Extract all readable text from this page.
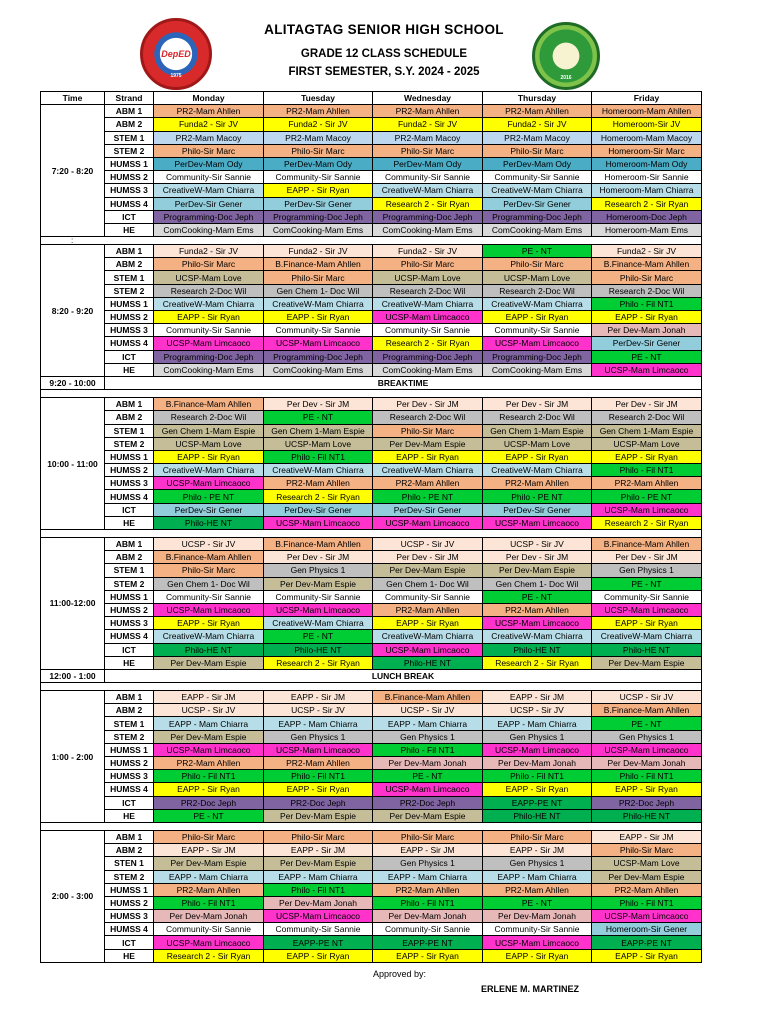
DepED
1975
ALITAGTAG SENIOR HIGH SCHOOL
GRADE 12 CLASS SCHEDULE
FIRST SEMESTER, S.Y. 2024 - 2025	2016
Time	Strand	Monday	Tuesday	Wednesday	Thursday	Friday
7:20 - 8:20	ABM 1	PR2-Mam Ahllen	PR2-Mam Ahllen	PR2-Mam Ahllen	PR2-Mam Ahllen	Homeroom-Mam Ahllen
	ABM 2	Funda2 - Sir JV	Funda2 - Sir JV	Funda2 - Sir JV	Funda2 - Sir JV	Homeroom-Sir JV
	STEM 1	PR2-Mam Macoy	PR2-Mam Macoy	PR2-Mam Macoy	PR2-Mam Macoy	Homeroom-Mam Macoy
	STEM 2	Philo-Sir Marc	Philo-Sir Marc	Philo-Sir Marc	Philo-Sir Marc	Homeroom-Sir Marc
	HUMSS 1	PerDev-Mam Ody	PerDev-Mam Ody	PerDev-Mam Ody	PerDev-Mam Ody	Homeroom-Mam Ody
	HUMSS 2	Community-Sir Sannie	Community-Sir Sannie	Community-Sir Sannie	Community-Sir Sannie	Homeroom-Sir Sannie
	HUMSS 3	CreativeW-Mam Chiarra	EAPP - Sir Ryan	CreativeW-Mam Chiarra	CreativeW-Mam Chiarra	Homeroom-Mam Chiarra
	HUMSS 4	PerDev-Sir Gener	PerDev-Sir Gener	Research 2 - Sir Ryan	PerDev-Sir Gener	Research 2 - Sir Ryan
	ICT	Programming-Doc Jeph	Programming-Doc Jeph	Programming-Doc Jeph	Programming-Doc Jeph	Homeroom-Doc Jeph
	HE	ComCooking-Mam Ems	ComCooking-Mam Ems	ComCooking-Mam Ems	ComCooking-Mam Ems	Homeroom-Mam Ems
:						
8:20 - 9:20	ABM 1	Funda2 - Sir JV	Funda2 - Sir JV	Funda2 - Sir JV	PE - NT	Funda2 - Sir JV
	ABM 2	Philo-Sir Marc	B.Finance-Mam Ahllen	Philo-Sir Marc	Philo-Sir Marc	B.Finance-Mam Ahllen
	STEM 1	UCSP-Mam Love	Philo-Sir Marc	UCSP-Mam Love	UCSP-Mam Love	Philo-Sir Marc
	STEM 2	Research 2-Doc Wil	Gen Chem 1- Doc Wil	Research 2-Doc Wil	Research 2-Doc Wil	Research 2-Doc Wil
	HUMSS 1	CreativeW-Mam Chiarra	CreativeW-Mam Chiarra	CreativeW-Mam Chiarra	CreativeW-Mam Chiarra	Philo - Fil NT1
	HUMSS 2	EAPP - Sir Ryan	EAPP - Sir Ryan	UCSP-Mam Limcaoco	EAPP - Sir Ryan	EAPP - Sir Ryan
	HUMSS 3	Community-Sir Sannie	Community-Sir Sannie	Community-Sir Sannie	Community-Sir Sannie	Per Dev-Mam Jonah
	HUMSS 4	UCSP-Mam Limcaoco	UCSP-Mam Limcaoco	Research 2 - Sir Ryan	UCSP-Mam Limcaoco	PerDev-Sir Gener
	ICT	Programming-Doc Jeph	Programming-Doc Jeph	Programming-Doc Jeph	Programming-Doc Jeph	PE - NT
	HE	ComCooking-Mam Ems	ComCooking-Mam Ems	ComCooking-Mam Ems	ComCooking-Mam Ems	UCSP-Mam Limcaoco
9:20 - 10:00	BREAKTIME					

10:00 - 11:00	ABM 1	B.Finance-Mam Ahllen	Per Dev - Sir JM	Per Dev - Sir JM	Per Dev - Sir JM	Per Dev - Sir JM
	ABM 2	Research 2-Doc Wil	PE - NT	Research 2-Doc Wil	Research 2-Doc Wil	Research 2-Doc Wil
	STEM 1	Gen Chem 1-Mam Espie	Gen Chem 1-Mam Espie	Philo-Sir Marc	Gen Chem 1-Mam Espie	Gen Chem 1-Mam Espie
	STEM 2	UCSP-Mam Love	UCSP-Mam Love	Per Dev-Mam Espie	UCSP-Mam Love	UCSP-Mam Love
	HUMSS 1	EAPP - Sir Ryan	Philo - Fil NT1	EAPP - Sir Ryan	EAPP - Sir Ryan	EAPP - Sir Ryan
	HUMSS 2	CreativeW-Mam Chiarra	CreativeW-Mam Chiarra	CreativeW-Mam Chiarra	CreativeW-Mam Chiarra	Philo - Fil NT1
	HUMSS 3	UCSP-Mam Limcaoco	PR2-Mam Ahllen	PR2-Mam Ahllen	PR2-Mam Ahllen	PR2-Mam Ahllen
	HUMSS 4	Philo - PE NT	Research 2 - Sir Ryan	Philo - PE NT	Philo - PE NT	Philo - PE NT
	ICT	PerDev-Sir Gener	PerDev-Sir Gener	PerDev-Sir Gener	PerDev-Sir Gener	UCSP-Mam Limcaoco
	HE	Philo-HE NT	UCSP-Mam Limcaoco	UCSP-Mam Limcaoco	UCSP-Mam Limcaoco	Research 2 - Sir Ryan

11:00-12:00	ABM 1	UCSP - Sir JV	B.Finance-Mam Ahllen	UCSP - Sir JV	UCSP - Sir JV	B.Finance-Mam Ahllen
	ABM 2	B.Finance-Mam Ahllen	Per Dev - Sir JM	Per Dev - Sir JM	Per Dev - Sir JM	Per Dev - Sir JM
	STEM 1	Philo-Sir Marc	Gen Physics 1	Per Dev-Mam Espie	Per Dev-Mam Espie	Gen Physics 1
	STEM 2	Gen Chem 1- Doc Wil	Per Dev-Mam Espie	Gen Chem 1- Doc Wil	Gen Chem 1- Doc Wil	PE - NT
	HUMSS 1	Community-Sir Sannie	Community-Sir Sannie	Community-Sir Sannie	PE - NT	Community-Sir Sannie
	HUMSS 2	UCSP-Mam Limcaoco	UCSP-Mam Limcaoco	PR2-Mam Ahllen	PR2-Mam Ahllen	UCSP-Mam Limcaoco
	HUMSS 3	EAPP - Sir Ryan	CreativeW-Mam Chiarra	EAPP - Sir Ryan	UCSP-Mam Limcaoco	EAPP - Sir Ryan
	HUMSS 4	CreativeW-Mam Chiarra	PE - NT	CreativeW-Mam Chiarra	CreativeW-Mam Chiarra	CreativeW-Mam Chiarra
	ICT	Philo-HE NT	Philo-HE NT	UCSP-Mam Limcaoco	Philo-HE NT	Philo-HE NT
	HE	Per Dev-Mam Espie	Research 2 - Sir Ryan	Philo-HE NT	Research 2 - Sir Ryan	Per Dev-Mam Espie
12:00 - 1:00	LUNCH BREAK					

1:00 - 2:00	ABM 1	EAPP - Sir JM	EAPP - Sir JM	B.Finance-Mam Ahllen	EAPP - Sir JM	UCSP - Sir JV
	ABM 2	UCSP - Sir JV	UCSP - Sir JV	UCSP - Sir JV	UCSP - Sir JV	B.Finance-Mam Ahllen
	STEM 1	EAPP - Mam Chiarra	EAPP - Mam Chiarra	EAPP - Mam Chiarra	EAPP - Mam Chiarra	PE - NT
	STEM 2	Per Dev-Mam Espie	Gen Physics 1	Gen Physics 1	Gen Physics 1	Gen Physics 1
	HUMSS 1	UCSP-Mam Limcaoco	UCSP-Mam Limcaoco	Philo - Fil NT1	UCSP-Mam Limcaoco	UCSP-Mam Limcaoco
	HUMSS 2	PR2-Mam Ahllen	PR2-Mam Ahllen	Per Dev-Mam Jonah	Per Dev-Mam Jonah	Per Dev-Mam Jonah
	HUMSS 3	Philo - Fil NT1	Philo - Fil NT1	PE - NT	Philo - Fil NT1	Philo - Fil NT1
	HUMSS 4	EAPP - Sir Ryan	EAPP - Sir Ryan	UCSP-Mam Limcaoco	EAPP - Sir Ryan	EAPP - Sir Ryan
	ICT	PR2-Doc Jeph	PR2-Doc Jeph	PR2-Doc Jeph	EAPP-PE NT	PR2-Doc Jeph
	HE	PE - NT	Per Dev-Mam Espie	Per Dev-Mam Espie	Philo-HE NT	Philo-HE NT

2:00 - 3:00	ABM 1	Philo-Sir Marc	Philo-Sir Marc	Philo-Sir Marc	Philo-Sir Marc	EAPP - Sir JM
	ABM 2	EAPP - Sir JM	EAPP - Sir JM	EAPP - Sir JM	EAPP - Sir JM	Philo-Sir Marc
	STEN 1	Per Dev-Mam Espie	Per Dev-Mam Espie	Gen Physics 1	Gen Physics 1	UCSP-Mam Love
	STEM 2	EAPP - Mam Chiarra	EAPP - Mam Chiarra	EAPP - Mam Chiarra	EAPP - Mam Chiarra	Per Dev-Mam Espie
	HUMSS 1	PR2-Mam Ahllen	Philo - Fil NT1	PR2-Mam Ahllen	PR2-Mam Ahllen	PR2-Mam Ahllen
	HUMSS 2	Philo - Fil NT1	Per Dev-Mam Jonah	Philo - Fil NT1	PE - NT	Philo - Fil NT1
	HUMSS 3	Per Dev-Mam Jonah	UCSP-Mam Limcaoco	Per Dev-Mam Jonah	Per Dev-Mam Jonah	UCSP-Mam Limcaoco
	HUMSS 4	Community-Sir Sannie	Community-Sir Sannie	Community-Sir Sannie	Community-Sir Sannie	Homeroom-Sir Gener
	ICT	UCSP-Mam Limcaoco	EAPP-PE NT	EAPP-PE NT	UCSP-Mam Limcaoco	EAPP-PE NT
	HE	Research 2 - Sir Ryan	EAPP - Sir Ryan	EAPP - Sir Ryan	EAPP - Sir Ryan	EAPP - Sir Ryan
Approved by:
ERLENE M. MARTINEZ
